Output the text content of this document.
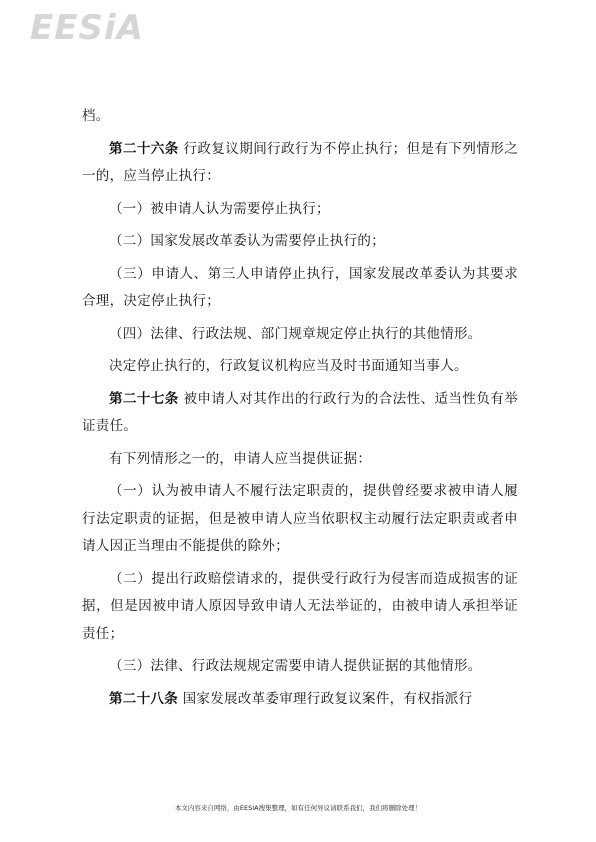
EESiA

档。

第二十六条 行政复议期间行政行为不停止执行；但是有下列情形之一的，应当停止执行：

（一）被申请人认为需要停止执行；

（二）国家发展改革委认为需要停止执行的；

（三）申请人、第三人申请停止执行，国家发展改革委认为其要求合理，决定停止执行；

（四）法律、行政法规、部门规章规定停止执行的其他情形。

决定停止执行的，行政复议机构应当及时书面通知当事人。

第二十七条 被申请人对其作出的行政行为的合法性、适当性负有举证责任。

有下列情形之一的，申请人应当提供证据：

（一）认为被申请人不履行法定职责的，提供曾经要求被申请人履行法定职责的证据，但是被申请人应当依职权主动履行法定职责或者申请人因正当理由不能提供的除外；

（二）提出行政赔偿请求的，提供受行政行为侵害而造成损害的证据，但是因被申请人原因导致申请人无法举证的，由被申请人承担举证责任；

（三）法律、行政法规规定需要申请人提供证据的其他情形。

第二十八条 国家发展改革委审理行政复议案件，有权指派行

本文内容来自网络，由EESIA搜集整理，如有任何异议请联系我们，我们将删除处理！
